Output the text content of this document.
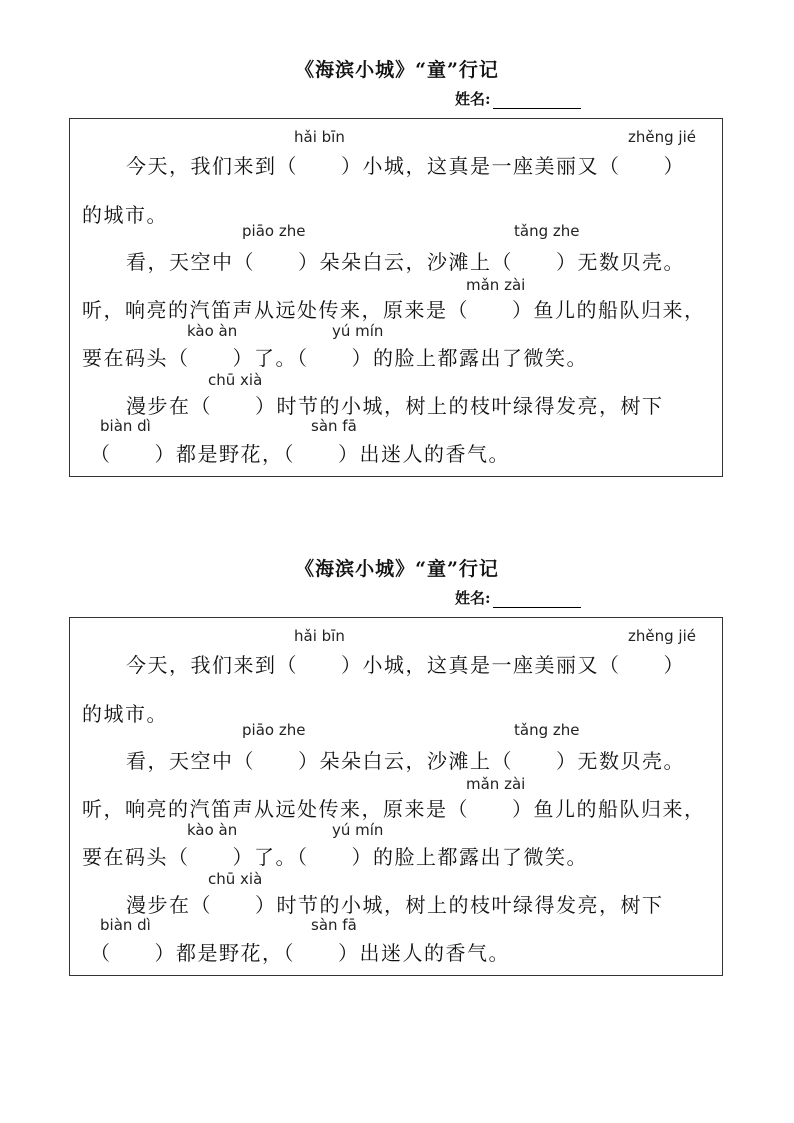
《海滨小城》“童”行记
姓名:
hǎi bīn	zhěng jié
今天，我们来到（　　）小城，这真是一座美丽又（　　）
的城市。
piāo zhe	tǎng zhe
看，天空中（　　）朵朵白云，沙滩上（　　）无数贝壳。
mǎn zài
听，响亮的汽笛声从远处传来，原来是（　　）鱼儿的船队归来，
kào àn	yú mín
要在码头（　　）了。（　　）的脸上都露出了微笑。
chū xià
漫步在（　　）时节的小城，树上的枝叶绿得发亮，树下
biàn dì	sàn fā
（　　）都是野花，（　　）出迷人的香气。
《海滨小城》“童”行记
姓名:
hǎi bīn	zhěng jié
今天，我们来到（　　）小城，这真是一座美丽又（　　）
的城市。
piāo zhe	tǎng zhe
看，天空中（　　）朵朵白云，沙滩上（　　）无数贝壳。
mǎn zài
听，响亮的汽笛声从远处传来，原来是（　　）鱼儿的船队归来，
kào àn	yú mín
要在码头（　　）了。（　　）的脸上都露出了微笑。
chū xià
漫步在（　　）时节的小城，树上的枝叶绿得发亮，树下
biàn dì	sàn fā
（　　）都是野花，（　　）出迷人的香气。
